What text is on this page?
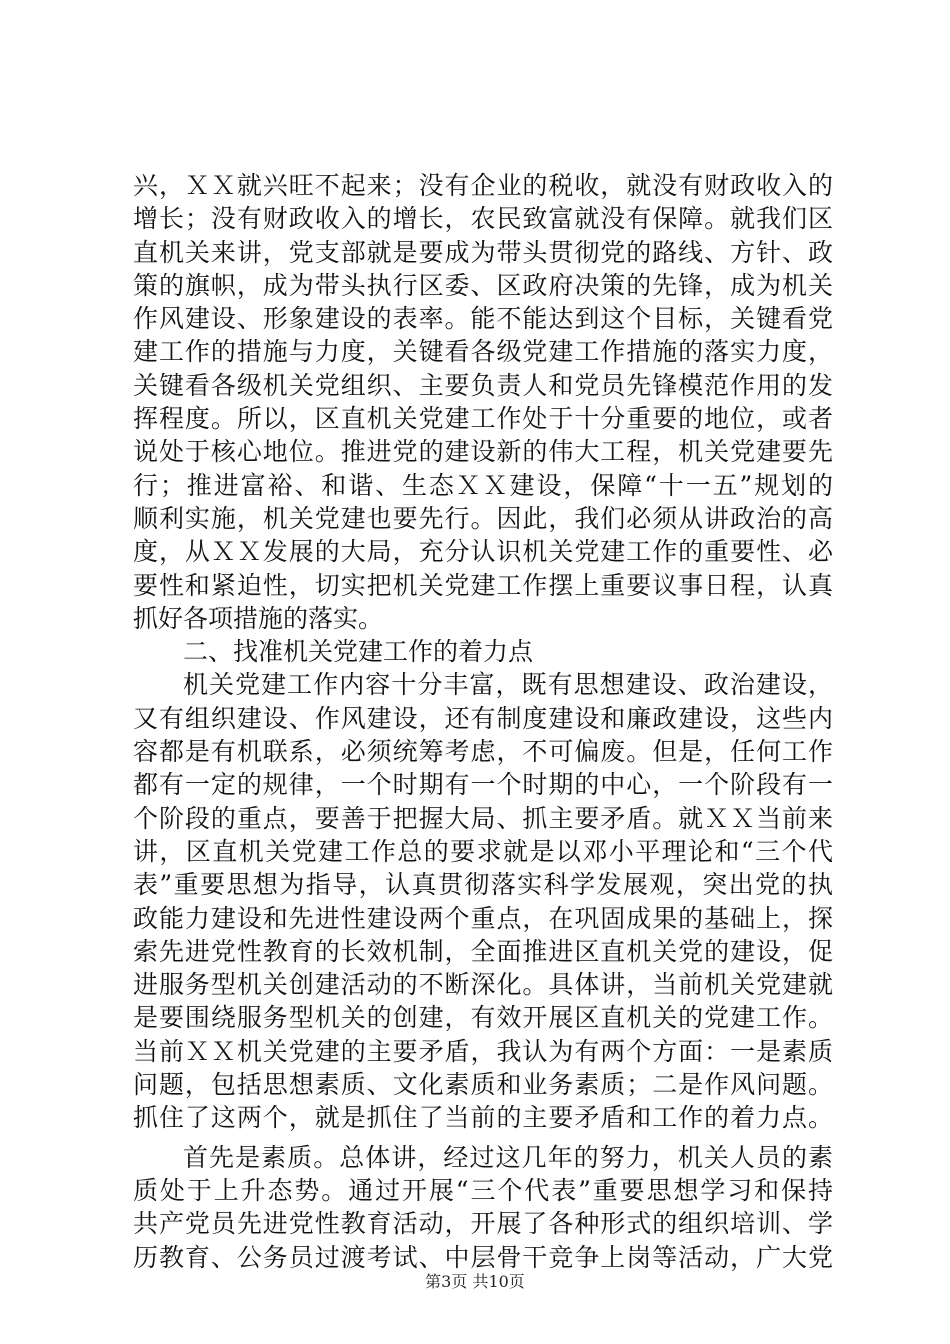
兴，ＸＸ就兴旺不起来；没有企业的税收，就没有财政收入的
增长；没有财政收入的增长，农民致富就没有保障。就我们区
直机关来讲，党支部就是要成为带头贯彻党的路线、方针、政
策的旗帜，成为带头执行区委、区政府决策的先锋，成为机关
作风建设、形象建设的表率。能不能达到这个目标，关键看党
建工作的措施与力度，关键看各级党建工作措施的落实力度，
关键看各级机关党组织、主要负责人和党员先锋模范作用的发
挥程度。所以，区直机关党建工作处于十分重要的地位，或者
说处于核心地位。推进党的建设新的伟大工程，机关党建要先
行；推进富裕、和谐、生态ＸＸ建设，保障“十一五”规划的
顺利实施，机关党建也要先行。因此，我们必须从讲政治的高
度，从ＸＸ发展的大局，充分认识机关党建工作的重要性、必
要性和紧迫性，切实把机关党建工作摆上重要议事日程，认真
抓好各项措施的落实。
二、找准机关党建工作的着力点
机关党建工作内容十分丰富，既有思想建设、政治建设，
又有组织建设、作风建设，还有制度建设和廉政建设，这些内
容都是有机联系，必须统筹考虑，不可偏废。但是，任何工作
都有一定的规律，一个时期有一个时期的中心，一个阶段有一
个阶段的重点，要善于把握大局、抓主要矛盾。就ＸＸ当前来
讲，区直机关党建工作总的要求就是以邓小平理论和“三个代
表”重要思想为指导，认真贯彻落实科学发展观，突出党的执
政能力建设和先进性建设两个重点，在巩固成果的基础上，探
索先进党性教育的长效机制，全面推进区直机关党的建设，促
进服务型机关创建活动的不断深化。具体讲，当前机关党建就
是要围绕服务型机关的创建，有效开展区直机关的党建工作。
当前ＸＸ机关党建的主要矛盾，我认为有两个方面：一是素质
问题，包括思想素质、文化素质和业务素质；二是作风问题。
抓住了这两个，就是抓住了当前的主要矛盾和工作的着力点。
首先是素质。总体讲，经过这几年的努力，机关人员的素
质处于上升态势。通过开展“三个代表”重要思想学习和保持
共产党员先进党性教育活动，开展了各种形式的组织培训、学
历教育、公务员过渡考试、中层骨干竞争上岗等活动，广大党
第3页 共10页
